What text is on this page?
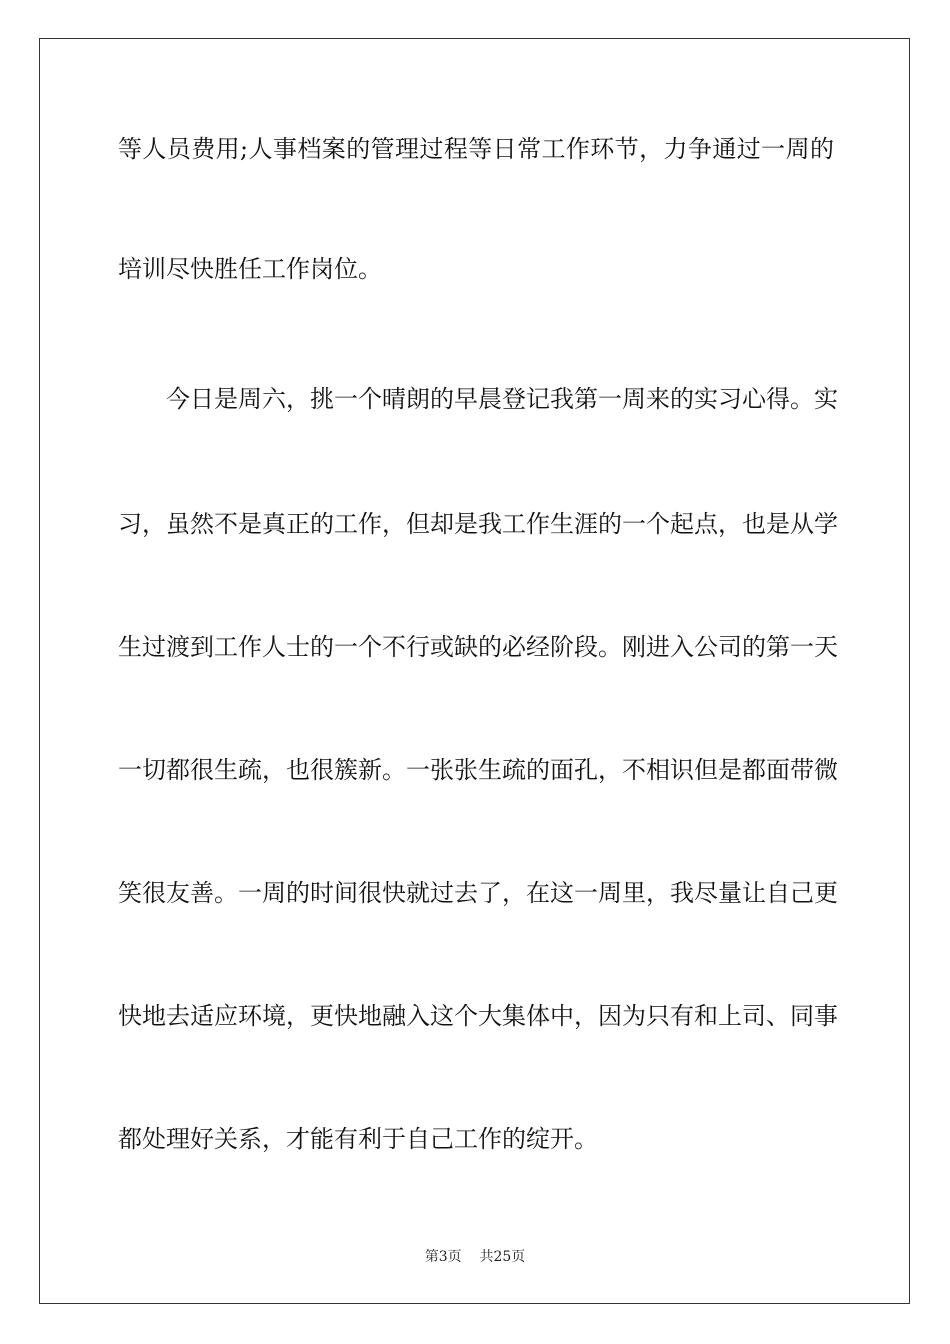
等人员费用;人事档案的管理过程等日常工作环节，力争通过一周的

培训尽快胜任工作岗位。

　　今日是周六，挑一个晴朗的早晨登记我第一周来的实习心得。实

习，虽然不是真正的工作，但却是我工作生涯的一个起点，也是从学

生过渡到工作人士的一个不行或缺的必经阶段。刚进入公司的第一天

一切都很生疏，也很簇新。一张张生疏的面孔，不相识但是都面带微

笑很友善。一周的时间很快就过去了，在这一周里，我尽量让自己更

快地去适应环境，更快地融入这个大集体中，因为只有和上司、同事

都处理好关系，才能有利于自己工作的绽开。

第3页 共25页
